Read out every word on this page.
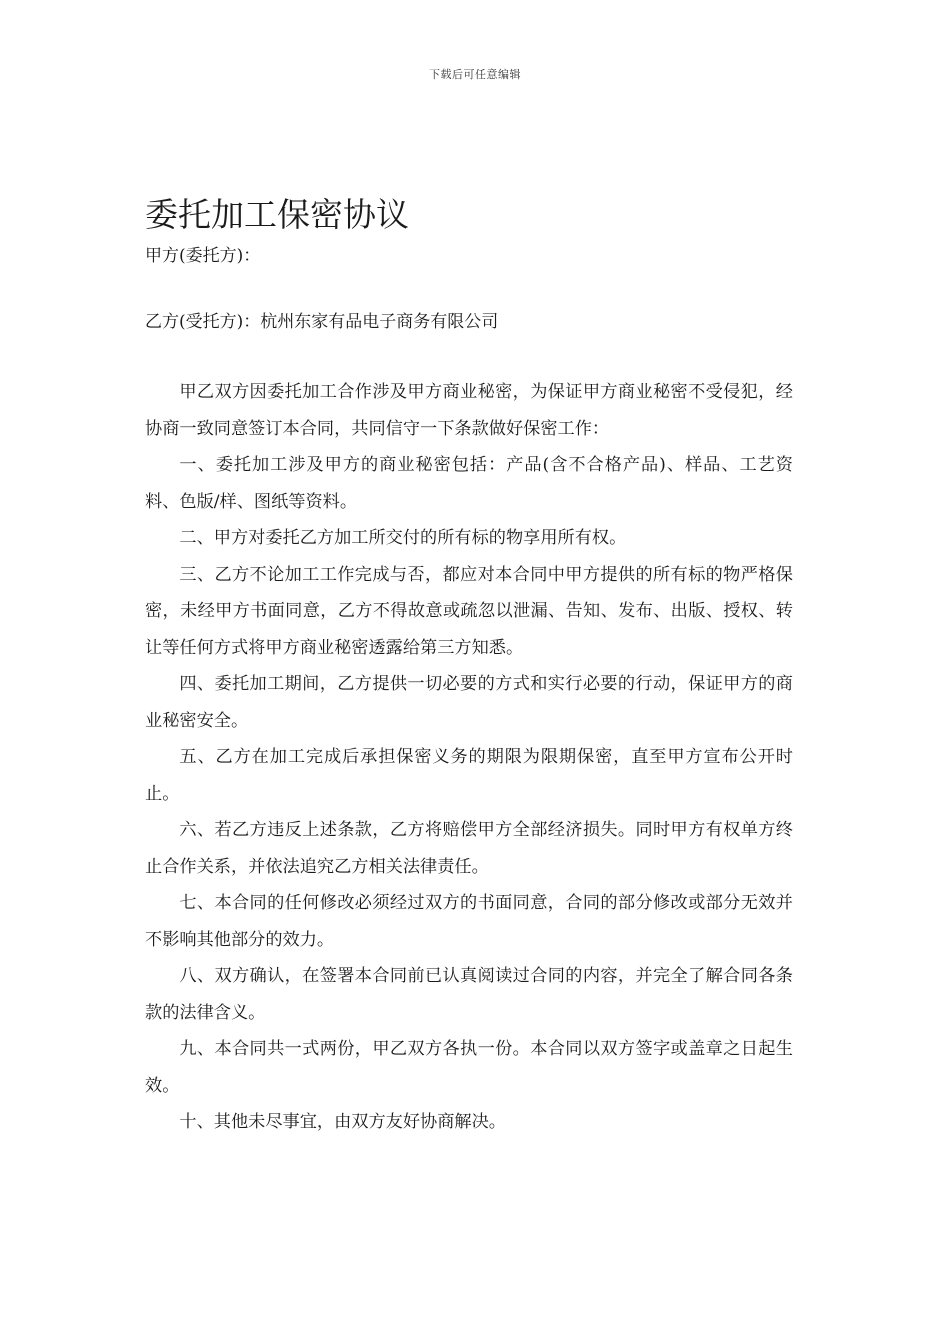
下载后可任意编辑
委托加工保密协议
甲方(委托方)：
乙方(受托方)：杭州东家有品电子商务有限公司

甲乙双方因委托加工合作涉及甲方商业秘密，为保证甲方商业秘密不受侵犯，经协商一致同意签订本合同，共同信守一下条款做好保密工作：

一、委托加工涉及甲方的商业秘密包括：产品(含不合格产品)、样品、工艺资料、色版/样、图纸等资料。

二、甲方对委托乙方加工所交付的所有标的物享用所有权。

三、乙方不论加工工作完成与否，都应对本合同中甲方提供的所有标的物严格保密，未经甲方书面同意，乙方不得故意或疏忽以泄漏、告知、发布、出版、授权、转让等任何方式将甲方商业秘密透露给第三方知悉。

四、委托加工期间，乙方提供一切必要的方式和实行必要的行动，保证甲方的商业秘密安全。

五、乙方在加工完成后承担保密义务的期限为限期保密，直至甲方宣布公开时止。

六、若乙方违反上述条款，乙方将赔偿甲方全部经济损失。同时甲方有权单方终止合作关系，并依法追究乙方相关法律责任。

七、本合同的任何修改必须经过双方的书面同意，合同的部分修改或部分无效并不影响其他部分的效力。

八、双方确认，在签署本合同前已认真阅读过合同的内容，并完全了解合同各条款的法律含义。

九、本合同共一式两份，甲乙双方各执一份。本合同以双方签字或盖章之日起生效。

十、其他未尽事宜，由双方友好协商解决。
